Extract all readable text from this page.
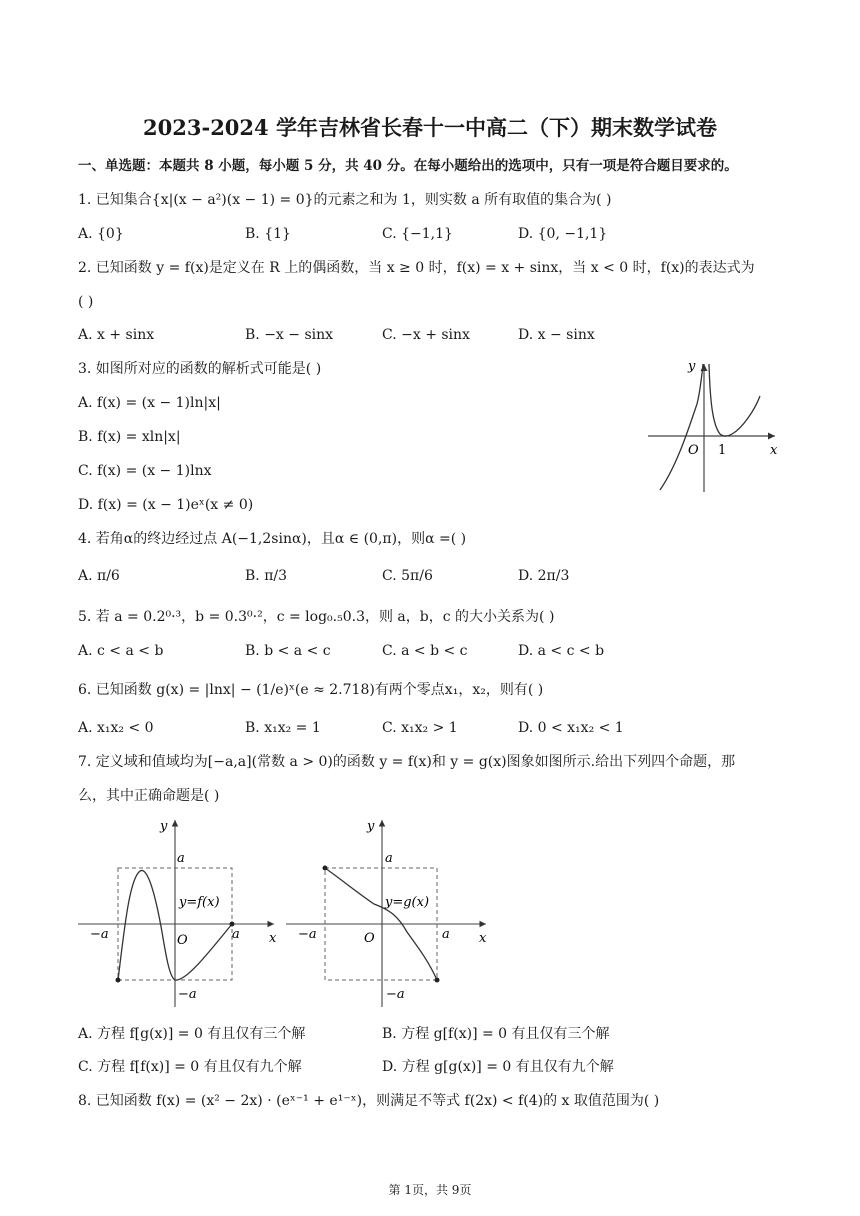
2023-2024 学年吉林省长春十一中高二（下）期末数学试卷
一、单选题：本题共 8 小题，每小题 5 分，共 40 分。在每小题给出的选项中，只有一项是符合题目要求的。
1. 已知集合{x|(x − a²)(x − 1) = 0}的元素之和为 1，则实数 a 所有取值的集合为( )
A. {0}	B. {1}	C. {−1,1}	D. {0, −1,1}
2. 已知函数 y = f(x)是定义在 R 上的偶函数，当 x ≥ 0 时，f(x) = x + sinx，当 x < 0 时，f(x)的表达式为
( )
A. x + sinx	B. −x − sinx	C. −x + sinx	D. x − sinx
3. 如图所对应的函数的解析式可能是( )
A. f(x) = (x − 1)ln|x|
B. f(x) = xln|x|
C. f(x) = (x − 1)lnx
D. f(x) = (x − 1)eˣ(x ≠ 0)
y
x
O 1
4. 若角α的终边经过点 A(−1,2sinα)，且α ∈ (0,π)，则α =( )
A. π/6	B. π/3	C. 5π/6	D. 2π/3
5. 若 a = 0.2⁰·³，b = 0.3⁰·²，c = log₀.₅0.3，则 a，b，c 的大小关系为( )
A. c < a < b	B. b < a < c	C. a < b < c	D. a < c < b
6. 已知函数 g(x) = |lnx| − (1/e)ˣ(e ≈ 2.718)有两个零点x₁，x₂，则有( )
A. x₁x₂ < 0	B. x₁x₂ = 1	C. x₁x₂ > 1	D. 0 < x₁x₂ < 1
7. 定义域和值域均为[−a,a](常数 a > 0)的函数 y = f(x)和 y = g(x)图象如图所示.给出下列四个命题，那
么，其中正确命题是( )
y
x
a
O
−a	a
−a
y=f(x)
y
x
a
O
−a	a
−a
y=g(x)
A. 方程 f[g(x)] = 0 有且仅有三个解	B. 方程 g[f(x)] = 0 有且仅有三个解
C. 方程 f[f(x)] = 0 有且仅有九个解	D. 方程 g[g(x)] = 0 有且仅有九个解
8. 已知函数 f(x) = (x² − 2x) · (eˣ⁻¹ + e¹⁻ˣ)，则满足不等式 f(2x) < f(4)的 x 取值范围为( )
第 1页，共 9页
